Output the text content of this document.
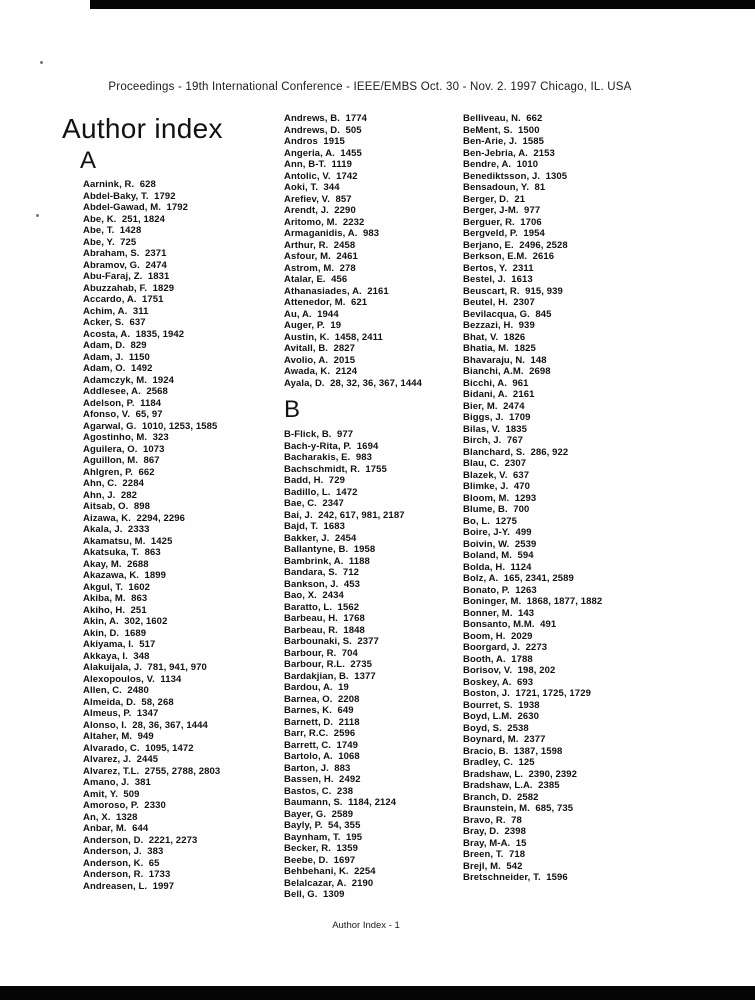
Proceedings - 19th International Conference - IEEE/EMBS Oct. 30 - Nov. 2. 1997 Chicago, IL. USA
Author index
A
B
Aarnink, R.  628
Abdel-Baky, T.  1792
Abdel-Gawad, M.  1792
Abe, K.  251, 1824
Abe, T.  1428
Abe, Y.  725
Abraham, S.  2371
Abramov, G.  2474
Abu-Faraj, Z.  1831
Abuzzahab, F.  1829
Accardo, A.  1751
Achim, A.  311
Acker, S.  637
Acosta, A.  1835, 1942
Adam, D.  829
Adam, J.  1150
Adam, O.  1492
Adamczyk, M.  1924
Addlesee, A.  2568
Adelson, P.  1184
Afonso, V.  65, 97
Agarwal, G.  1010, 1253, 1585
Agostinho, M.  323
Aguilera, O.  1073
Aguillon, M.  867
Ahlgren, P.  662
Ahn, C.  2284
Ahn, J.  282
Aitsab, O.  898
Aizawa, K.  2294, 2296
Akala, J.  2333
Akamatsu, M.  1425
Akatsuka, T.  863
Akay, M.  2688
Akazawa, K.  1899
Akgul, T.  1602
Akiba, M.  863
Akiho, H.  251
Akin, A.  302, 1602
Akin, D.  1689
Akiyama, I.  517
Akkaya, I.  348
Alakuijala, J.  781, 941, 970
Alexopoulos, V.  1134
Allen, C.  2480
Almeida, D.  58, 268
Almeus, P.  1347
Alonso, I.  28, 36, 367, 1444
Altaher, M.  949
Alvarado, C.  1095, 1472
Alvarez, J.  2445
Alvarez, T.L.  2755, 2788, 2803
Amano, J.  381
Amit, Y.  509
Amoroso, P.  2330
An, X.  1328
Anbar, M.  644
Anderson, D.  2221, 2273
Anderson, J.  383
Anderson, K.  65
Anderson, R.  1733
Andreasen, L.  1997
Andrews, B.  1774
Andrews, D.  505
Andros  1915
Angeria, A.  1455
Ann, B-T.  1119
Antolic, V.  1742
Aoki, T.  344
Arefiev, V.  857
Arendt, J.  2290
Aritomo, M.  2232
Armaganidis, A.  983
Arthur, R.  2458
Asfour, M.  2461
Astrom, M.  278
Atalar, E.  456
Athanasiades, A.  2161
Attenedor, M.  621
Au, A.  1944
Auger, P.  19
Austin, K.  1458, 2411
Avitall, B.  2827
Avolio, A.  2015
Awada, K.  2124
Ayala, D.  28, 32, 36, 367, 1444
B-Flick, B.  977
Bach-y-Rita, P.  1694
Bacharakis, E.  983
Bachschmidt, R.  1755
Badd, H.  729
Badillo, L.  1472
Bae, C.  2347
Bai, J.  242, 617, 981, 2187
Bajd, T.  1683
Bakker, J.  2454
Ballantyne, B.  1958
Bambrink, A.  1188
Bandara, S.  712
Bankson, J.  453
Bao, X.  2434
Baratto, L.  1562
Barbeau, H.  1768
Barbeau, R.  1848
Barbounaki, S.  2377
Barbour, R.  704
Barbour, R.L.  2735
Bardakjian, B.  1377
Bardou, A.  19
Barnea, O.  2208
Barnes, K.  649
Barnett, D.  2118
Barr, R.C.  2596
Barrett, C.  1749
Bartolo, A.  1068
Barton, J.  883
Bassen, H.  2492
Bastos, C.  238
Baumann, S.  1184, 2124
Bayer, G.  2589
Bayly, P.  54, 355
Baynham, T.  195
Becker, R.  1359
Beebe, D.  1697
Behbehani, K.  2254
Belalcazar, A.  2190
Bell, G.  1309
Belliveau, N.  662
BeMent, S.  1500
Ben-Arie, J.  1585
Ben-Jebria, A.  2153
Bendre, A.  1010
Benediktsson, J.  1305
Bensadoun, Y.  81
Berger, D.  21
Berger, J-M.  977
Berguer, R.  1706
Bergveld, P.  1954
Berjano, E.  2496, 2528
Berkson, E.M.  2616
Bertos, Y.  2311
Bestel, J.  1613
Beuscart, R.  915, 939
Beutel, H.  2307
Bevilacqua, G.  845
Bezzazi, H.  939
Bhat, V.  1826
Bhatia, M.  1825
Bhavaraju, N.  148
Bianchi, A.M.  2698
Bicchi, A.  961
Bidani, A.  2161
Bier, M.  2474
Biggs, J.  1709
Bilas, V.  1835
Birch, J.  767
Blanchard, S.  286, 922
Blau, C.  2307
Blazek, V.  637
Blimke, J.  470
Bloom, M.  1293
Blume, B.  700
Bo, L.  1275
Boire, J-Y.  499
Boivin, W.  2539
Boland, M.  594
Bolda, H.  1124
Bolz, A.  165, 2341, 2589
Bonato, P.  1263
Boninger, M.  1868, 1877, 1882
Bonner, M.  143
Bonsanto, M.M.  491
Boom, H.  2029
Boorgard, J.  2273
Booth, A.  1788
Borisov, V.  198, 202
Boskey, A.  693
Boston, J.  1721, 1725, 1729
Bourret, S.  1938
Boyd, L.M.  2630
Boyd, S.  2538
Boynard, M.  2377
Bracio, B.  1387, 1598
Bradley, C.  125
Bradshaw, L.  2390, 2392
Bradshaw, L.A.  2385
Branch, D.  2582
Braunstein, M.  685, 735
Bravo, R.  78
Bray, D.  2398
Bray, M-A.  15
Breen, T.  718
Brejl, M.  542
Bretschneider, T.  1596
Author Index - 1
